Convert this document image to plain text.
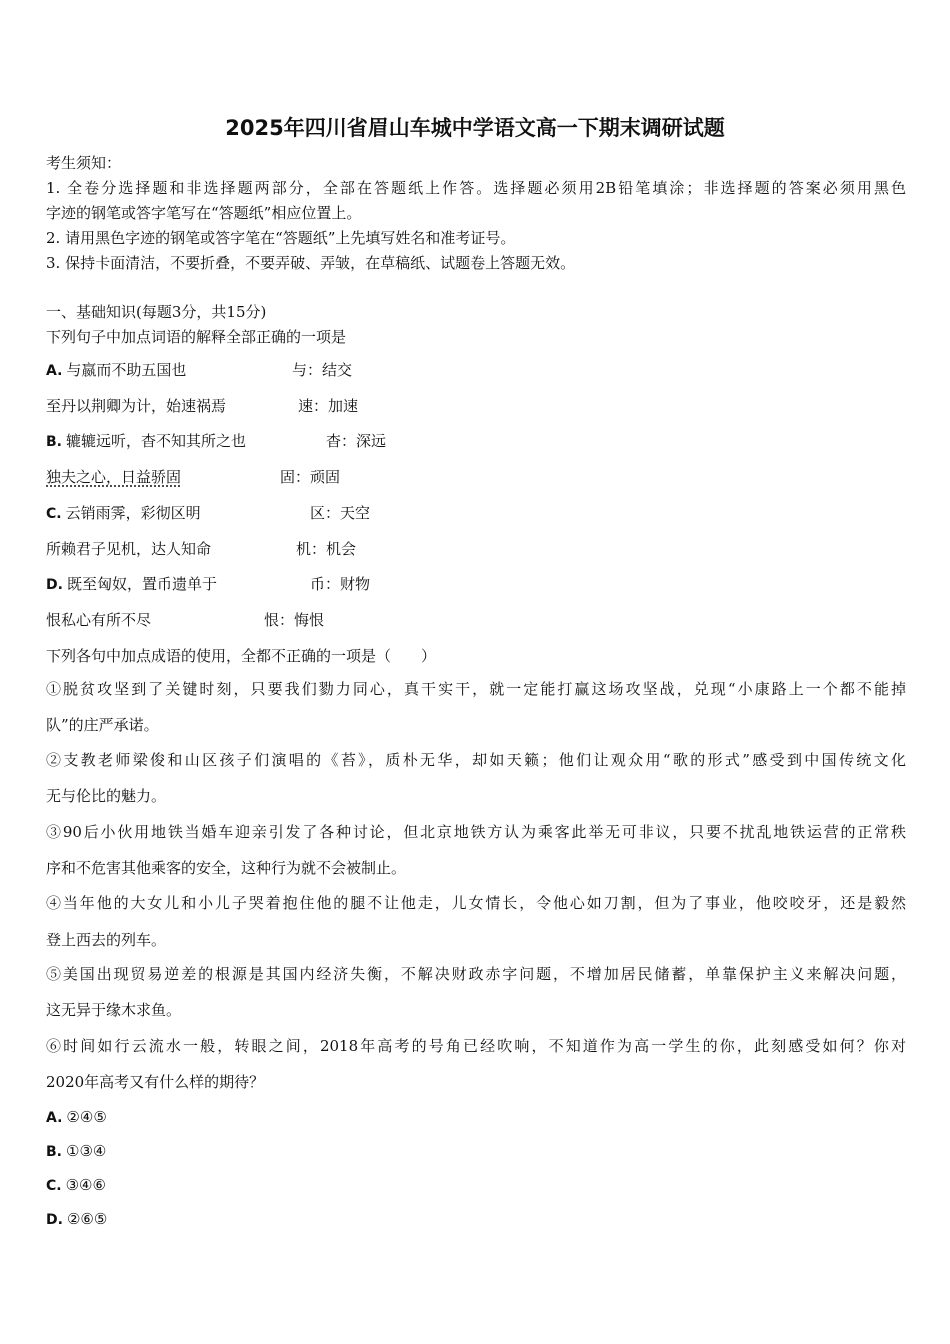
2025年四川省眉山车城中学语文高一下期末调研试题
考生须知：
1. 全卷分选择题和非选择题两部分，全部在答题纸上作答。选择题必须用2B铅笔填涂；非选择题的答案必须用黑色
字迹的钢笔或答字笔写在“答题纸”相应位置上。
2. 请用黑色字迹的钢笔或答字笔在“答题纸”上先填写姓名和准考证号。
3. 保持卡面清洁，不要折叠，不要弄破、弄皱，在草稿纸、试题卷上答题无效。
一、基础知识(每题3分，共15分)
下列句子中加点词语的解释全部正确的一项是
A. 与嬴而不助五国也	与：结交
至丹以荆卿为计，始速祸焉	速：加速
B. 辘辘远听，杳不知其所之也	杳：深远
独夫之心，日益骄固	固：顽固
C. 云销雨霁，彩彻区明	区：天空
所赖君子见机，达人知命	机：机会
D. 既至匈奴，置币遗单于	币：财物
恨私心有所不尽	恨：悔恨
下列各句中加点成语的使用，全都不正确的一项是（　　）
①脱贫攻坚到了关键时刻，只要我们勠力同心，真干实干，就一定能打赢这场攻坚战，兑现“小康路上一个都不能掉
队”的庄严承诺。
②支教老师梁俊和山区孩子们演唱的《苔》，质朴无华，却如天籁；他们让观众用“歌的形式”感受到中国传统文化
无与伦比的魅力。
③90后小伙用地铁当婚车迎亲引发了各种讨论，但北京地铁方认为乘客此举无可非议，只要不扰乱地铁运营的正常秩
序和不危害其他乘客的安全，这种行为就不会被制止。
④当年他的大女儿和小儿子哭着抱住他的腿不让他走，儿女情长，令他心如刀割，但为了事业，他咬咬牙，还是毅然
登上西去的列车。
⑤美国出现贸易逆差的根源是其国内经济失衡，不解决财政赤字问题，不增加居民储蓄，单靠保护主义来解决问题，
这无异于缘木求鱼。
⑥时间如行云流水一般，转眼之间，2018年高考的号角已经吹响，不知道作为高一学生的你，此刻感受如何？你对
2020年高考又有什么样的期待？
A. ②④⑤
B. ①③④
C. ③④⑥
D. ②⑥⑤
